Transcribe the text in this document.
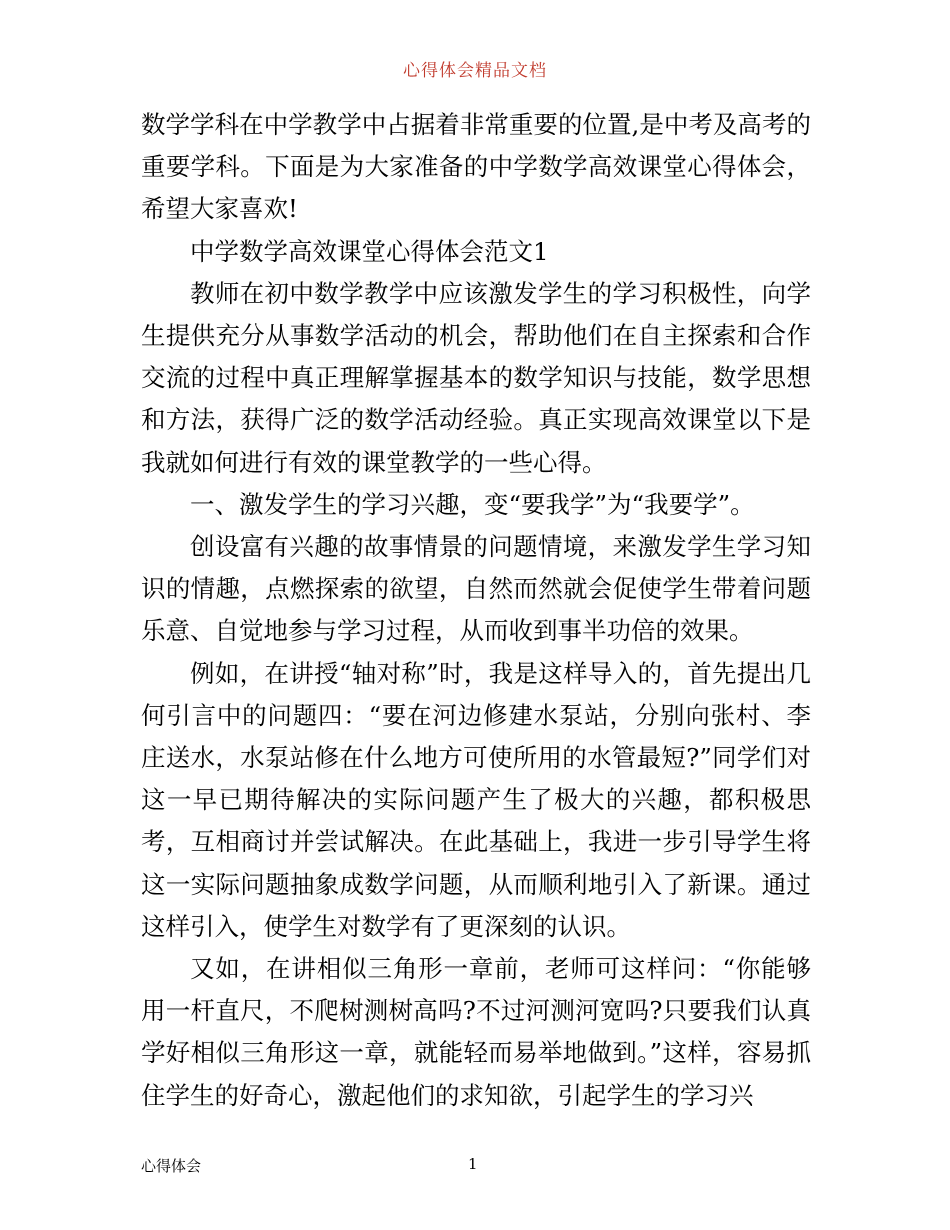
心得体会精品文档

数学学科在中学教学中占据着非常重要的位置,是中考及高考的重要学科。下面是为大家准备的中学数学高效课堂心得体会，希望大家喜欢!

中学数学高效课堂心得体会范文1

教师在初中数学教学中应该激发学生的学习积极性，向学生提供充分从事数学活动的机会，帮助他们在自主探索和合作交流的过程中真正理解掌握基本的数学知识与技能，数学思想和方法，获得广泛的数学活动经验。真正实现高效课堂以下是我就如何进行有效的课堂教学的一些心得。

一、激发学生的学习兴趣，变“要我学”为“我要学”。

创设富有兴趣的故事情景的问题情境，来激发学生学习知识的情趣，点燃探索的欲望，自然而然就会促使学生带着问题乐意、自觉地参与学习过程，从而收到事半功倍的效果。

例如，在讲授“轴对称”时，我是这样导入的，首先提出几何引言中的问题四：“要在河边修建水泵站，分别向张村、李庄送水，水泵站修在什么地方可使所用的水管最短?”同学们对这一早已期待解决的实际问题产生了极大的兴趣，都积极思考，互相商讨并尝试解决。在此基础上，我进一步引导学生将这一实际问题抽象成数学问题，从而顺利地引入了新课。通过这样引入，使学生对数学有了更深刻的认识。

又如，在讲相似三角形一章前，老师可这样问：“你能够用一杆直尺，不爬树测树高吗?不过河测河宽吗?只要我们认真学好相似三角形这一章，就能轻而易举地做到。”这样，容易抓住学生的好奇心，激起他们的求知欲，引起学生的学习兴

心得体会	1
